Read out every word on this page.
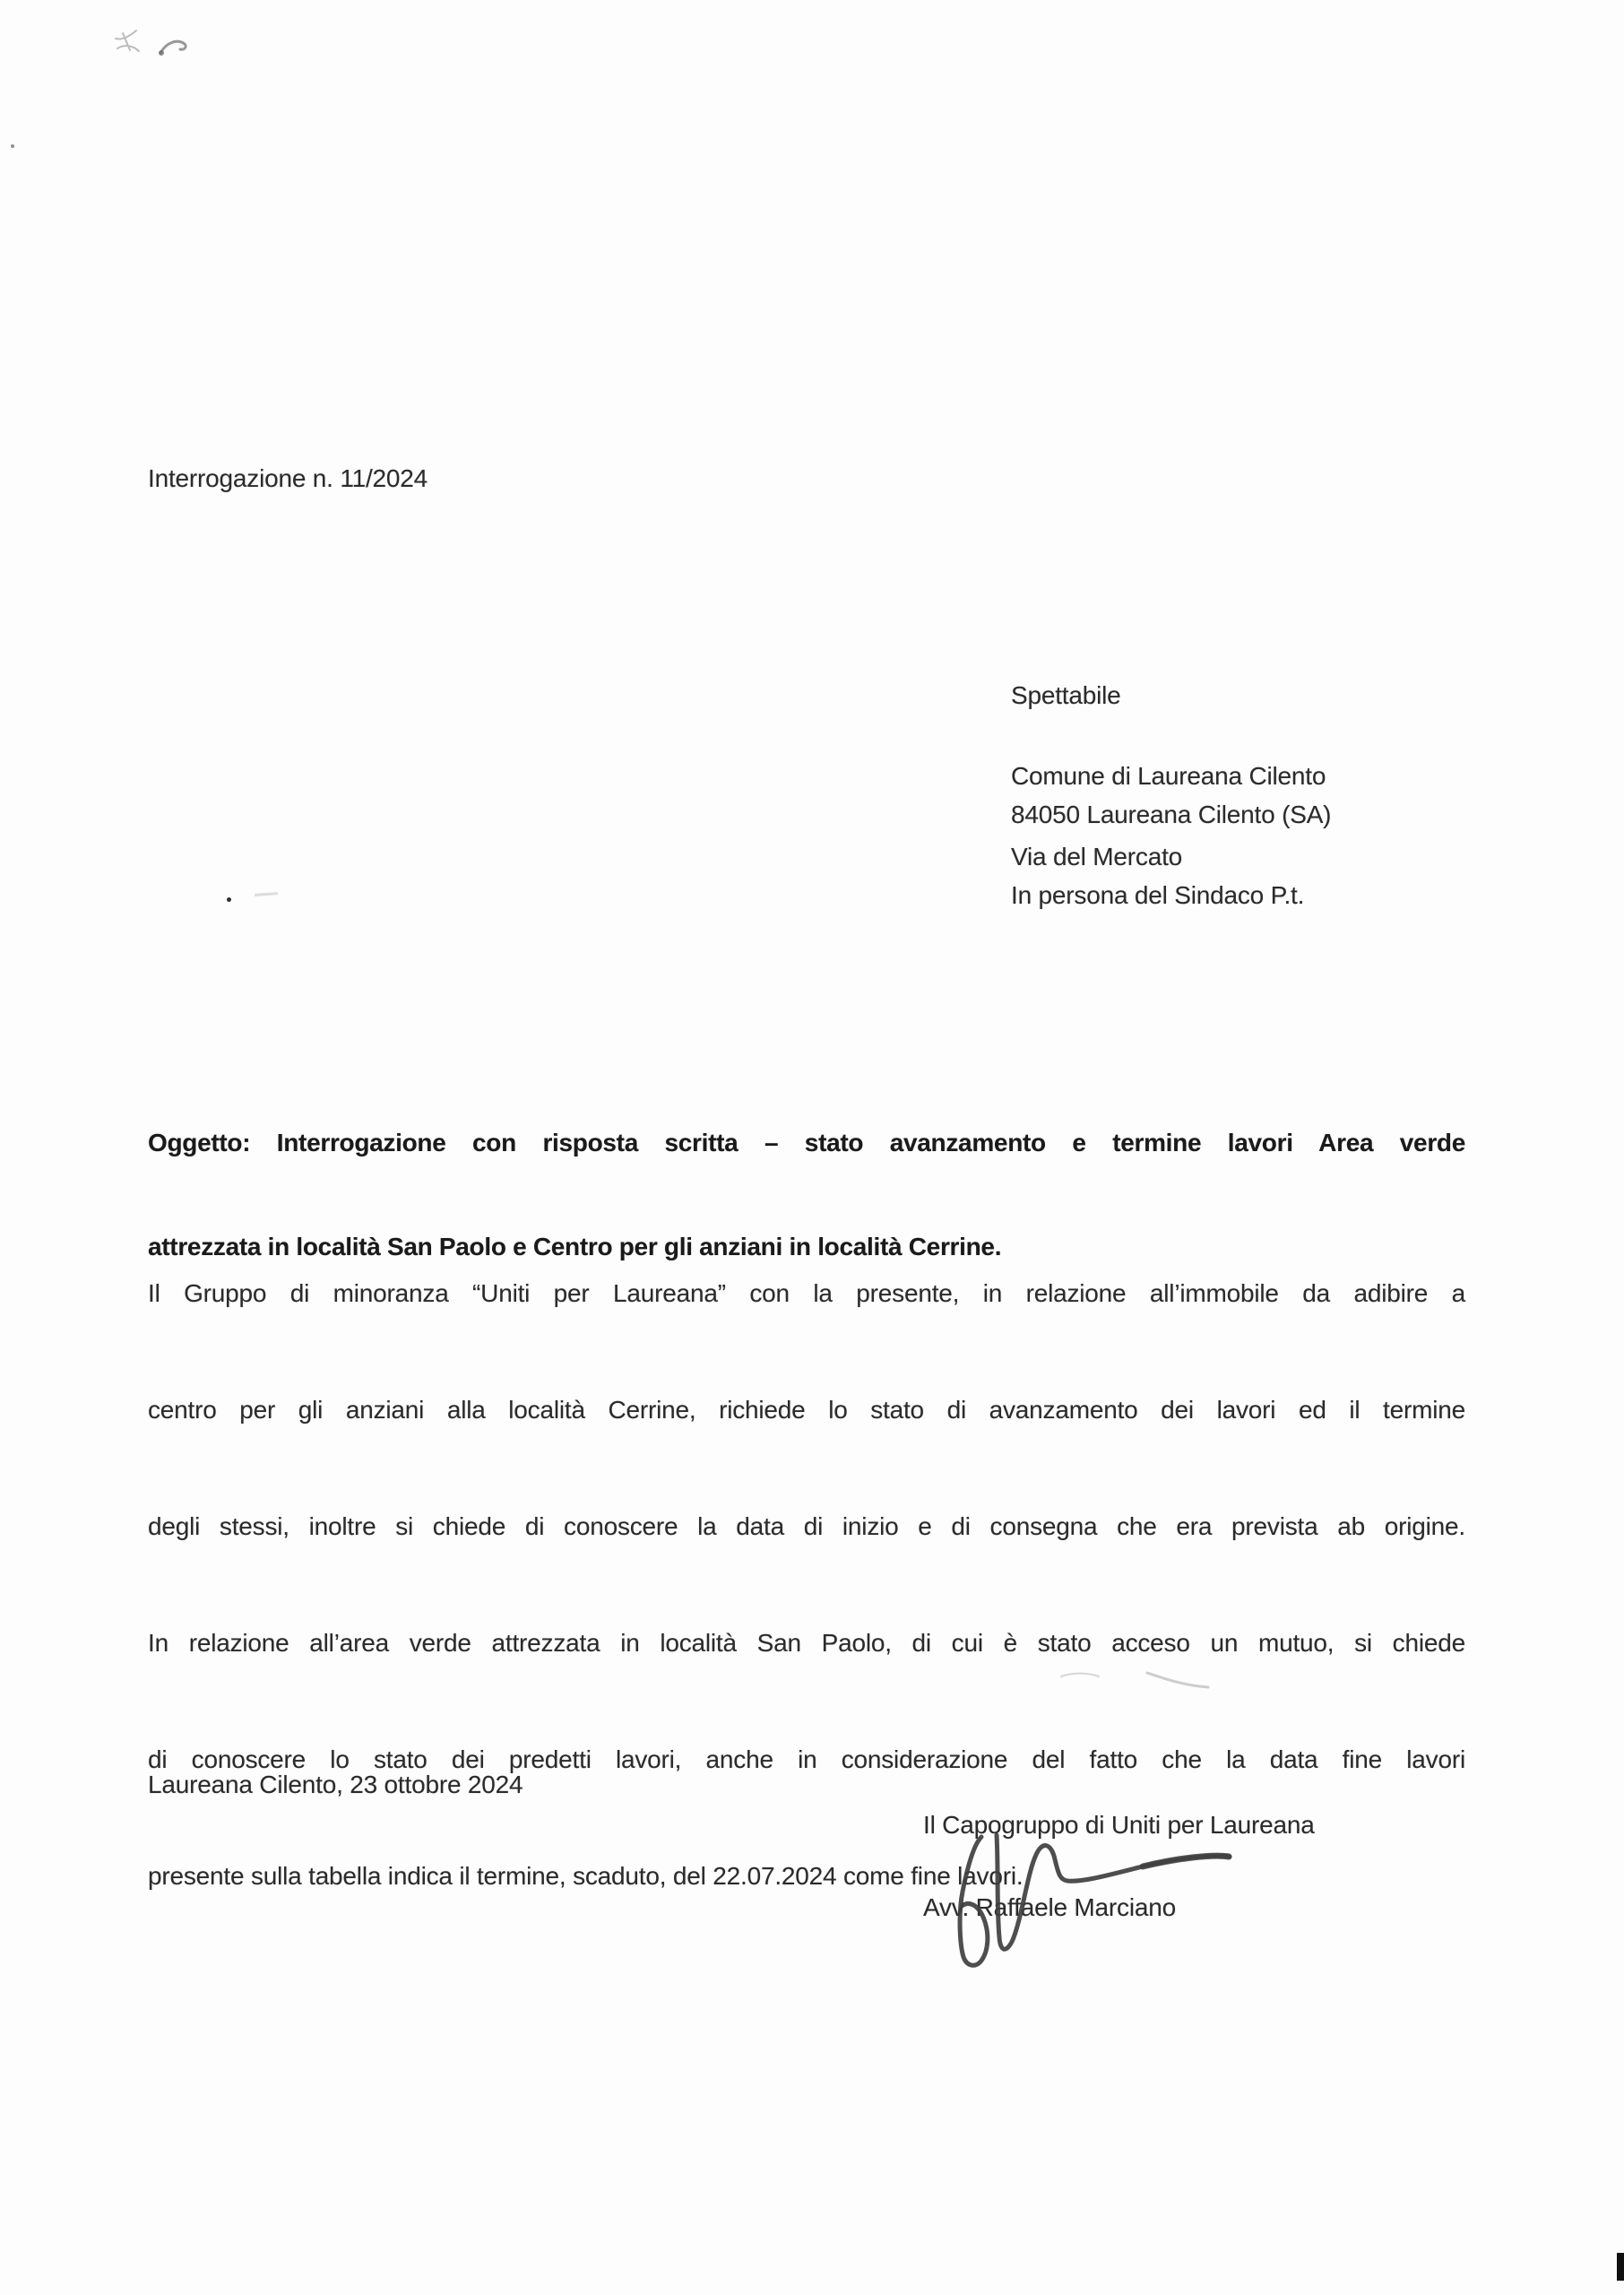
Interrogazione n. 11/2024

Spettabile

Comune di Laureana Cilento

Via del Mercato

84050 Laureana Cilento (SA)
In persona del Sindaco P.t.

Oggetto: Interrogazione con risposta scritta – stato avanzamento e termine lavori Area verde

attrezzata in località San Paolo e Centro per gli anziani in località Cerrine.

Il Gruppo di minoranza “Uniti per Laureana” con la presente, in relazione all’immobile da adibire a

centro per gli anziani alla località Cerrine, richiede lo stato di avanzamento dei lavori ed il termine

degli stessi, inoltre si chiede di conoscere la data di inizio e di consegna che era prevista ab origine.

In relazione all’area verde attrezzata in località San Paolo, di cui è stato acceso un mutuo, si chiede

di conoscere lo stato dei predetti lavori, anche in considerazione del fatto che la data fine lavori

presente sulla tabella indica il termine, scaduto, del 22.07.2024 come fine lavori.

Laureana Cilento, 23 ottobre 2024

Il Capogruppo di Uniti per Laureana

Avv. Raffaele Marciano
